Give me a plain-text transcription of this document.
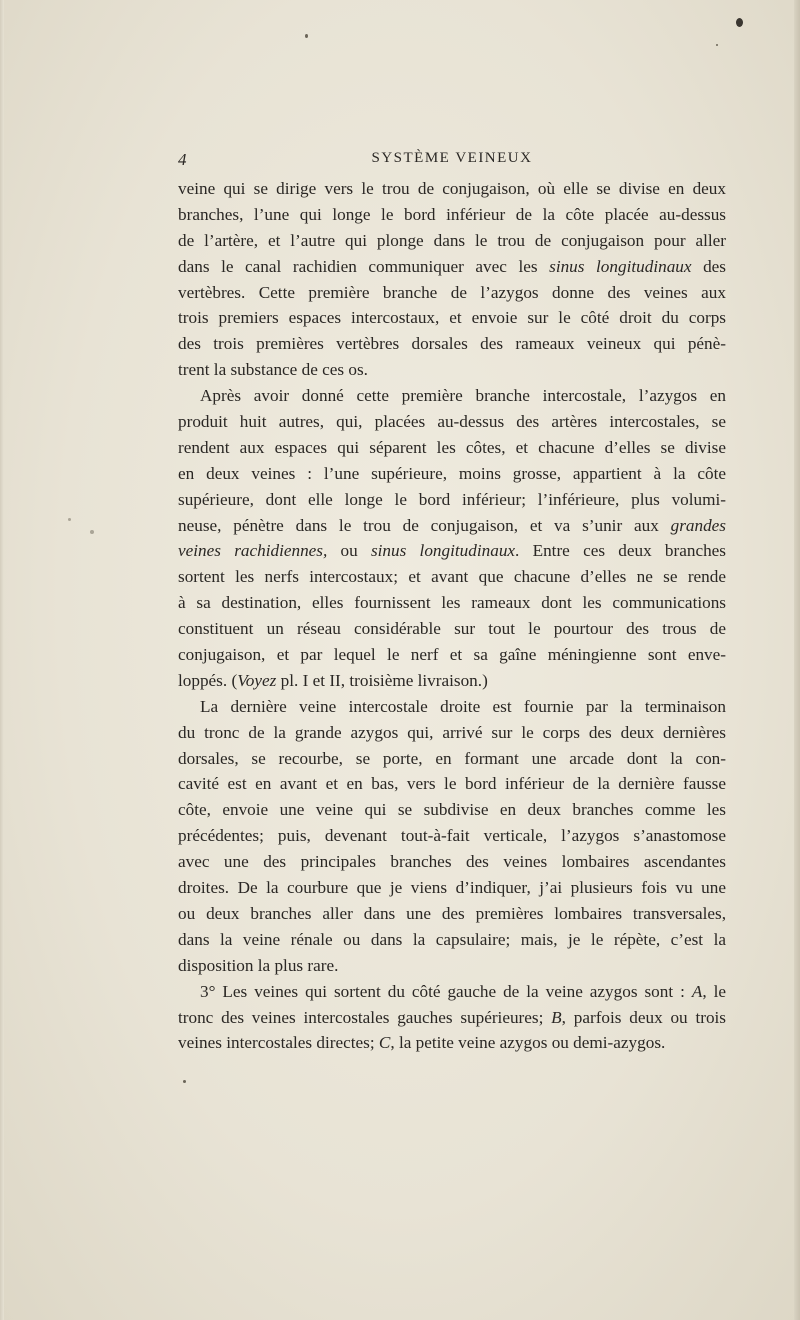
4	SYSTÈME VEINEUX
veine qui se dirige vers le trou de conjugaison, où elle se divise en deux
branches, l’une qui longe le bord inférieur de la côte placée au-dessus
de l’artère, et l’autre qui plonge dans le trou de conjugaison pour aller
dans le canal rachidien communiquer avec les sinus longitudinaux des
vertèbres. Cette première branche de l’azygos donne des veines aux
trois premiers espaces intercostaux, et envoie sur le côté droit du corps
des trois premières vertèbres dorsales des rameaux veineux qui pénè-
trent la substance de ces os.
Après avoir donné cette première branche intercostale, l’azygos en
produit huit autres, qui, placées au-dessus des artères intercostales, se
rendent aux espaces qui séparent les côtes, et chacune d’elles se divise
en deux veines : l’une supérieure, moins grosse, appartient à la côte
supérieure, dont elle longe le bord inférieur; l’inférieure, plus volumi-
neuse, pénètre dans le trou de conjugaison, et va s’unir aux grandes
veines rachidiennes, ou sinus longitudinaux. Entre ces deux branches
sortent les nerfs intercostaux; et avant que chacune d’elles ne se rende
à sa destination, elles fournissent les rameaux dont les communications
constituent un réseau considérable sur tout le pourtour des trous de
conjugaison, et par lequel le nerf et sa gaîne méningienne sont enve-
loppés. (Voyez pl. I et II, troisième livraison.)
La dernière veine intercostale droite est fournie par la terminaison
du tronc de la grande azygos qui, arrivé sur le corps des deux dernières
dorsales, se recourbe, se porte, en formant une arcade dont la con-
cavité est en avant et en bas, vers le bord inférieur de la dernière fausse
côte, envoie une veine qui se subdivise en deux branches comme les
précédentes; puis, devenant tout-à-fait verticale, l’azygos s’anastomose
avec une des principales branches des veines lombaires ascendantes
droites. De la courbure que je viens d’indiquer, j’ai plusieurs fois vu une
ou deux branches aller dans une des premières lombaires transversales,
dans la veine rénale ou dans la capsulaire; mais, je le répète, c’est la
disposition la plus rare.
3° Les veines qui sortent du côté gauche de la veine azygos sont : A, le
tronc des veines intercostales gauches supérieures; B, parfois deux ou trois
veines intercostales directes; C, la petite veine azygos ou demi-azygos.
